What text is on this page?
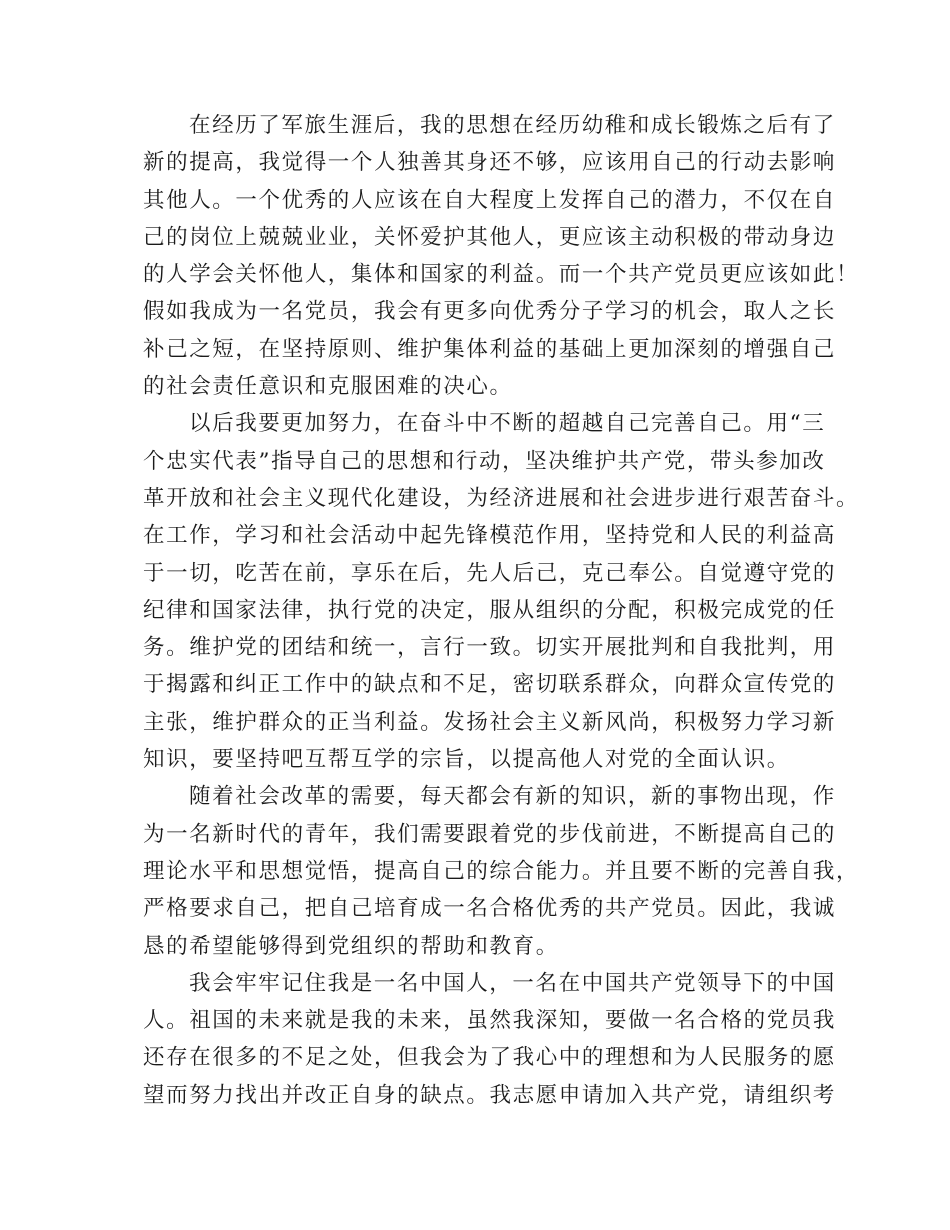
在经历了军旅生涯后，我的思想在经历幼稚和成长锻炼之后有了
新的提高，我觉得一个人独善其身还不够，应该用自己的行动去影响
其他人。一个优秀的人应该在自大程度上发挥自己的潜力，不仅在自
己的岗位上兢兢业业，关怀爱护其他人，更应该主动积极的带动身边
的人学会关怀他人，集体和国家的利益。而一个共产党员更应该如此！
假如我成为一名党员，我会有更多向优秀分子学习的机会，取人之长
补己之短，在坚持原则、维护集体利益的基础上更加深刻的增强自己
的社会责任意识和克服困难的决心。
以后我要更加努力，在奋斗中不断的超越自己完善自己。用“三
个忠实代表”指导自己的思想和行动，坚决维护共产党，带头参加改
革开放和社会主义现代化建设，为经济进展和社会进步进行艰苦奋斗。
在工作，学习和社会活动中起先锋模范作用，坚持党和人民的利益高
于一切，吃苦在前，享乐在后，先人后己，克己奉公。自觉遵守党的
纪律和国家法律，执行党的决定，服从组织的分配，积极完成党的任
务。维护党的团结和统一，言行一致。切实开展批判和自我批判，用
于揭露和纠正工作中的缺点和不足，密切联系群众，向群众宣传党的
主张，维护群众的正当利益。发扬社会主义新风尚，积极努力学习新
知识，要坚持吧互帮互学的宗旨，以提高他人对党的全面认识。
随着社会改革的需要，每天都会有新的知识，新的事物出现，作
为一名新时代的青年，我们需要跟着党的步伐前进，不断提高自己的
理论水平和思想觉悟，提高自己的综合能力。并且要不断的完善自我，
严格要求自己，把自己培育成一名合格优秀的共产党员。因此，我诚
恳的希望能够得到党组织的帮助和教育。
我会牢牢记住我是一名中国人，一名在中国共产党领导下的中国
人。祖国的未来就是我的未来，虽然我深知，要做一名合格的党员我
还存在很多的不足之处，但我会为了我心中的理想和为人民服务的愿
望而努力找出并改正自身的缺点。我志愿申请加入共产党，请组织考
